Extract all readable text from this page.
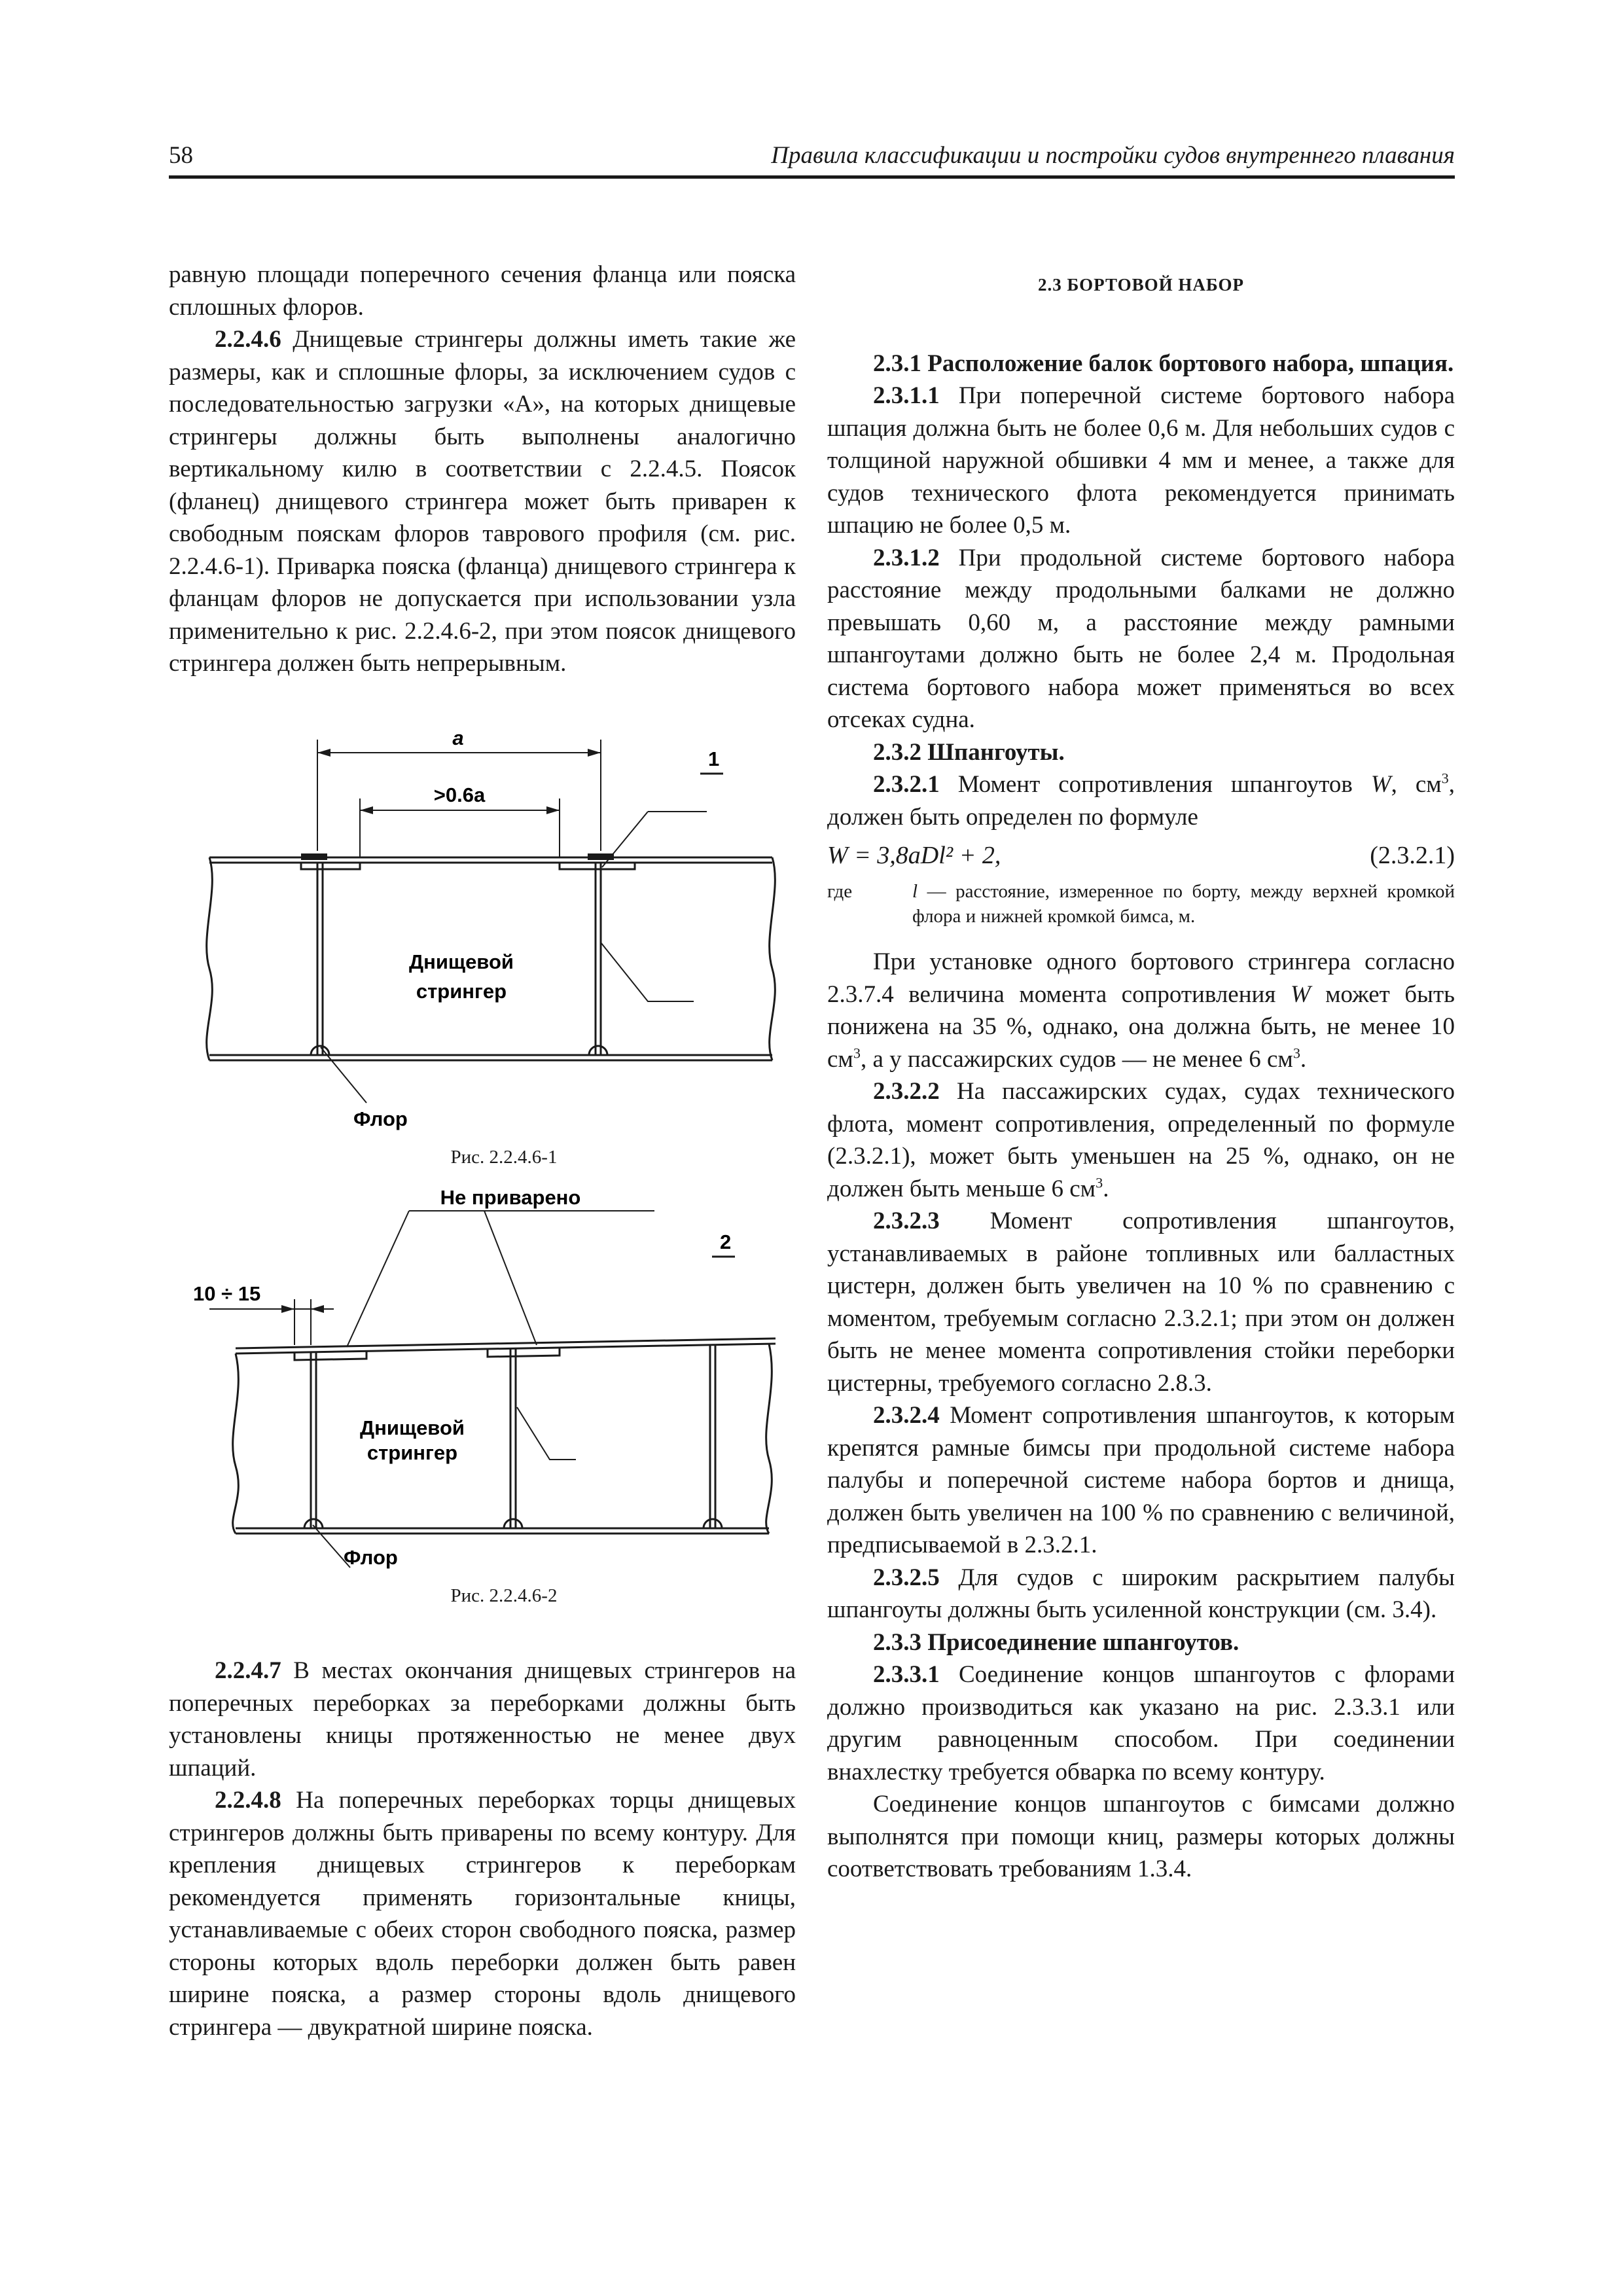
58	Правила классификации и постройки судов внутреннего плавания

равную площади поперечного сечения фланца или пояска сплошных флоров.

2.2.4.6 Днищевые стрингеры должны иметь такие же размеры, как и сплошные флоры, за исключением судов с последовательностью загрузки «А», на которых днищевые стрингеры должны быть выполнены аналогично вертикальному килю в соответствии с 2.2.4.5. Поясок (фланец) днищевого стрингера может быть приварен к свободным пояскам флоров таврового профиля (см. рис. 2.2.4.6-1). Приварка пояска (фланца) днищевого стрингера к фланцам флоров не допускается при использовании узла применительно к рис. 2.2.4.6-2, при этом поясок днищевого стрингера должен быть непрерывным.

a
>0.6a
1
Днищевой
стрингер
Флор
Рис. 2.2.4.6-1
Не приварено
2
10 ÷ 15
Днищевой
стрингер
Флор
Рис. 2.2.4.6-2

2.2.4.7 В местах окончания днищевых стрингеров на поперечных переборках за переборками должны быть установлены кницы протяженностью не менее двух шпаций.

2.2.4.8 На поперечных переборках торцы днищевых стрингеров должны быть приварены по всему контуру. Для крепления днищевых стрингеров к переборкам рекомендуется применять горизонтальные кницы, устанавливаемые с обеих сторон свободного пояска, размер стороны которых вдоль переборки должен быть равен ширине пояска, а размер стороны вдоль днищевого стрингера — двукратной ширине пояска.

2.3 БОРТОВОЙ НАБОР

2.3.1 Расположение балок бортового набора, шпация.

2.3.1.1 При поперечной системе бортового набора шпация должна быть не более 0,6 м. Для небольших судов с толщиной наружной обшивки 4 мм и менее, а также для судов технического флота рекомендуется принимать шпацию не более 0,5 м.

2.3.1.2 При продольной системе бортового набора расстояние между продольными балками не должно превышать 0,60 м, а расстояние между рамными шпангоутами должно быть не более 2,4 м. Продольная система бортового набора может применяться во всех отсеках судна.

2.3.2 Шпангоуты.

2.3.2.1 Момент сопротивления шпангоутов W, $см^3$, должен быть определен по формуле

W = 3,8aDl² + 2,	(2.3.2.1)
где	l — расстояние, измеренное по борту, между верхней кромкой флора и нижней кромкой бимса, м.

При установке одного бортового стрингера согласно 2.3.7.4 величина момента сопротивления W может быть понижена на 35 %, однако, она должна быть, не менее 10 $см^3$, а у пассажирских судов — не менее 6 $см^3$.

2.3.2.2 На пассажирских судах, судах технического флота, момент сопротивления, определенный по формуле (2.3.2.1), может быть уменьшен на 25 %, однако, он не должен быть меньше 6 $см^3$.

2.3.2.3 Момент сопротивления шпангоутов, устанавливаемых в районе топливных или балластных цистерн, должен быть увеличен на 10 % по сравнению с моментом, требуемым согласно 2.3.2.1; при этом он должен быть не менее момента сопротивления стойки переборки цистерны, требуемого согласно 2.8.3.

2.3.2.4 Момент сопротивления шпангоутов, к которым крепятся рамные бимсы при продольной системе набора палубы и поперечной системе набора бортов и днища, должен быть увеличен на 100 % по сравнению с величиной, предписываемой в 2.3.2.1.

2.3.2.5 Для судов с широким раскрытием палубы шпангоуты должны быть усиленной конструкции (см. 3.4).

2.3.3 Присоединение шпангоутов.

2.3.3.1 Соединение концов шпангоутов с флорами должно производиться как указано на рис. 2.3.3.1 или другим равноценным способом. При соединении внахлестку требуется обварка по всему контуру.

Соединение концов шпангоутов с бимсами должно выполнятся при помощи книц, размеры которых должны соответствовать требованиям 1.3.4.
